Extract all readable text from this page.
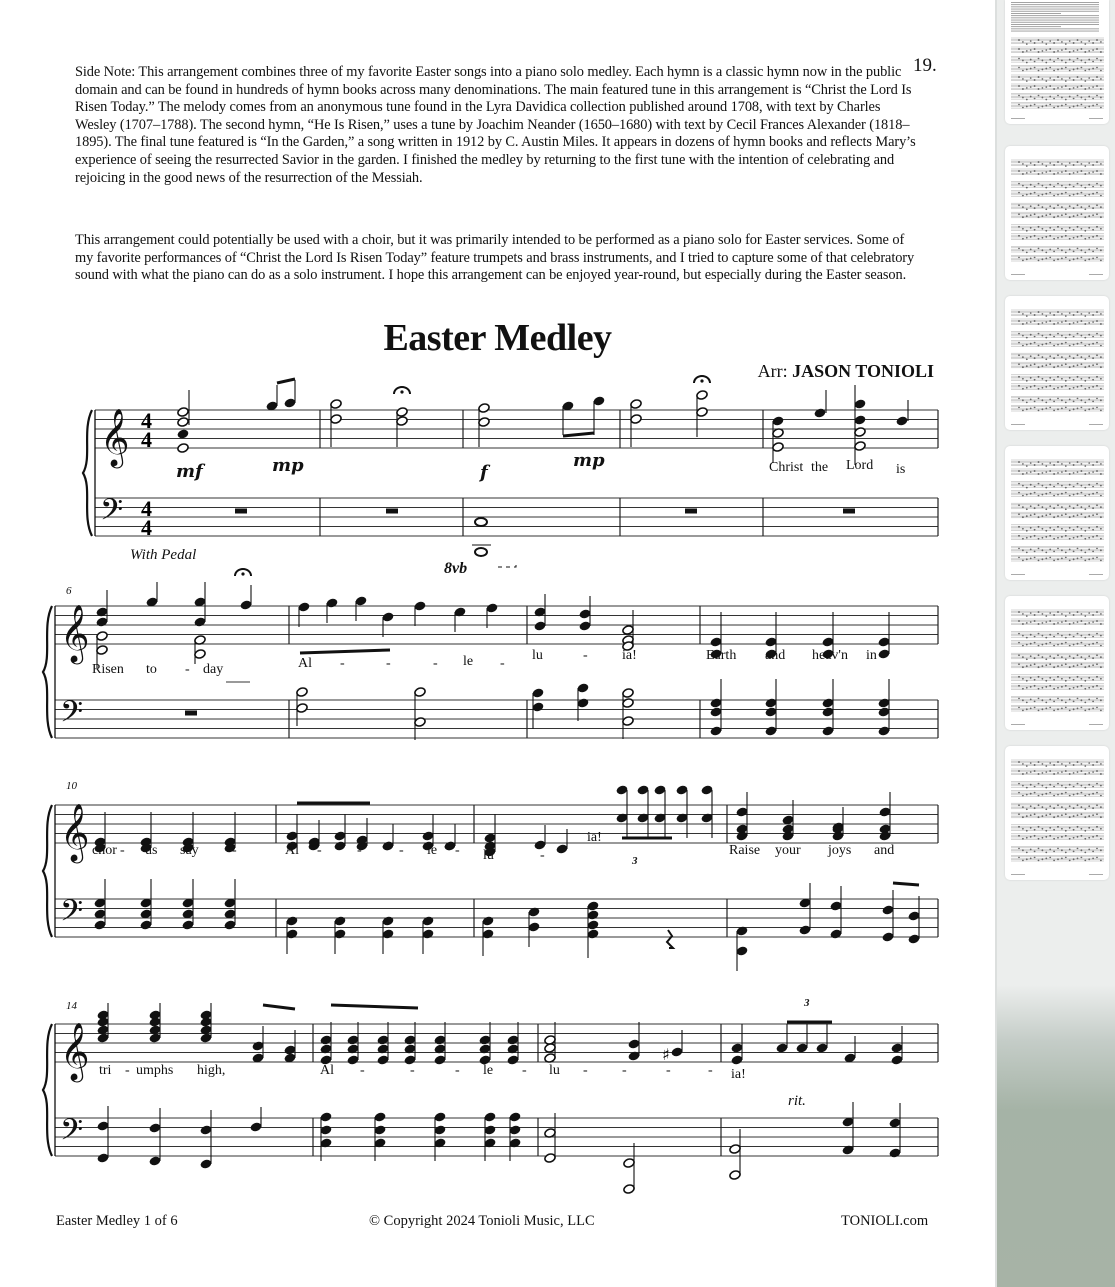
19.

Side Note: This arrangement combines three of my favorite Easter songs into a piano solo medley. Each hymn is a classic hymn now in the public domain and can be found in hundreds of hymn books across many denominations. The main featured tune in this arrangement is “Christ the Lord Is Risen Today.” The melody comes from an anonymous tune found in the Lyra Davidica collection published around 1708, with text by Charles Wesley (1707–1788). The second hymn, “He Is Risen,” uses a tune by Joachim Neander (1650–1680) with text by Cecil Frances Alexander (1818–1895). The final tune featured is “In the Garden,” a song written in 1912 by C. Austin Miles. It appears in dozens of hymn books and reflects Mary’s experience of seeing the resurrected Savior in the garden. I finished the medley by returning to the first tune with the intention of celebrating and rejoicing in the good news of the resurrection of the Messiah.

This arrangement could potentially be used with a choir, but it was primarily intended to be performed as a piano solo for Easter services. Some of my favorite performances of “Christ the Lord Is Risen Today” feature trumpets and brass instruments, and I tried to capture some of that celebratory sound with what the piano can do as a solo instrument. I hope this arrangement can be enjoyed year-round, but especially during the Easter season.

Easter Medley
Arr: JASON TONIOLI
𝄞
𝄢
4
4
4
4
𝄞
𝄢
𝄞
𝄢
𝄞
𝄢
♯
mf	mp	f
mp
With Pedal
8vb
rit.
3
3
6
10
14
Christ the Lord is
Risen to - day	Al -	-	- le -
lu	- ia!	Earth and heav'n in
chor - us say -	Al -	-	- le - lu	-
ia!
Raise your joys and
tri - umphs high,	Al -	-	- le - lu - -	-	- ia!
Easter Medley 1 of 6	© Copyright 2024 Tonioli Music, LLC	TONIOLI.com
